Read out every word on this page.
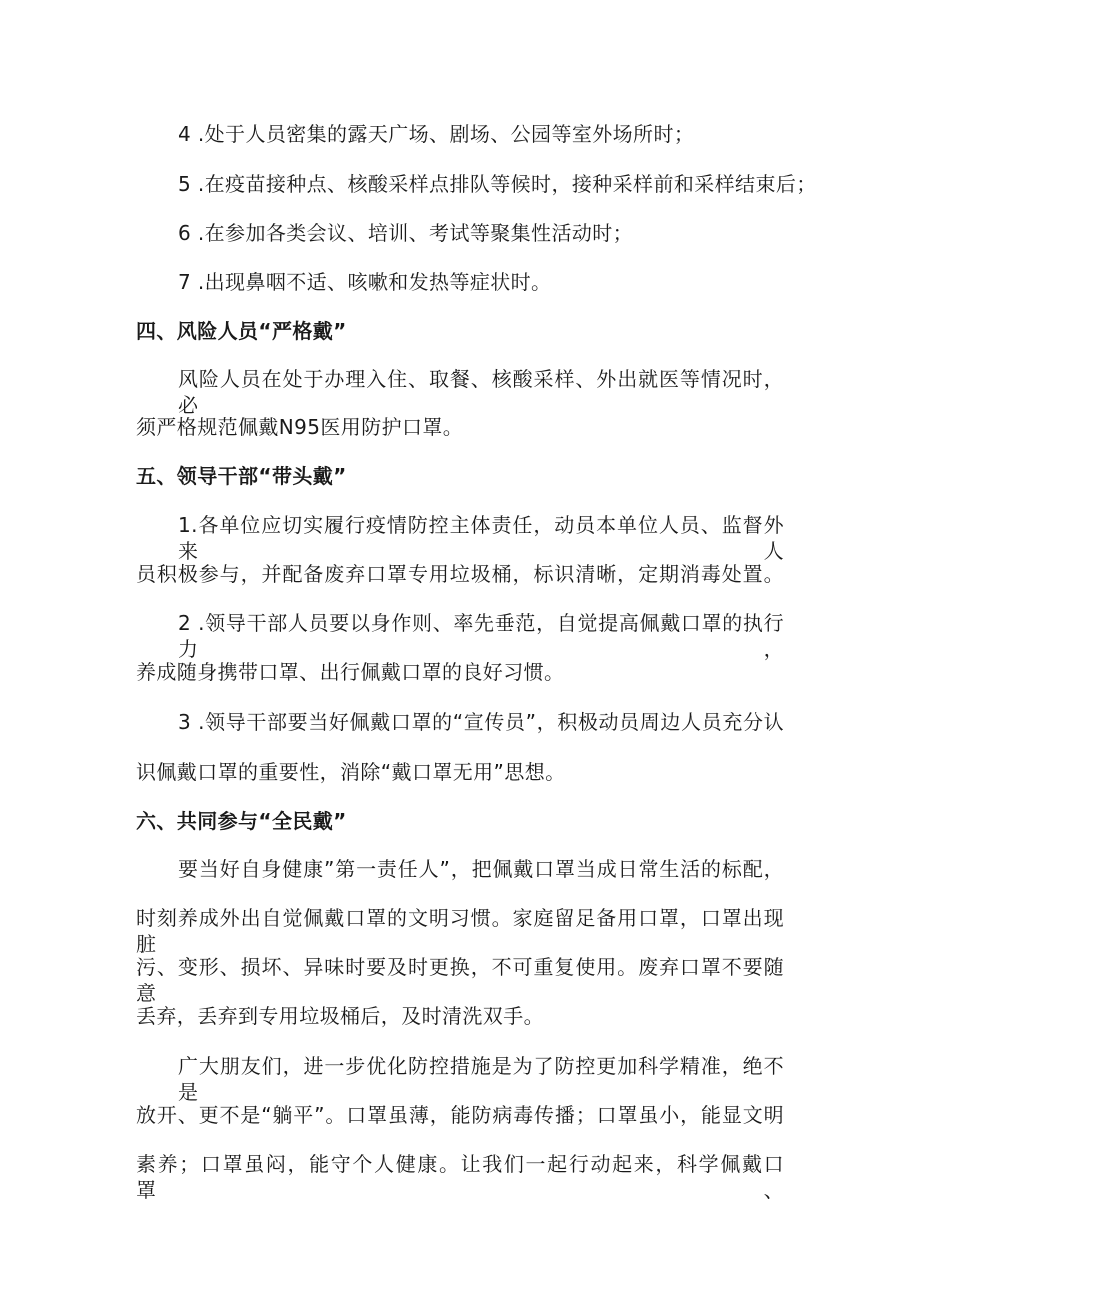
4 .处于人员密集的露天广场、剧场、公园等室外场所时；
5 .在疫苗接种点、核酸采样点排队等候时，接种采样前和采样结束后；
6 .在参加各类会议、培训、考试等聚集性活动时；
7 .出现鼻咽不适、咳嗽和发热等症状时。
四、风险人员“严格戴”
风险人员在处于办理入住、取餐、核酸采样、外出就医等情况时，必
须严格规范佩戴N95医用防护口罩。
五、领导干部“带头戴”
1.各单位应切实履行疫情防控主体责任，动员本单位人员、监督外来人
员积极参与，并配备废弃口罩专用垃圾桶，标识清晰，定期消毒处置。
2 .领导干部人员要以身作则、率先垂范，自觉提高佩戴口罩的执行力，
养成随身携带口罩、出行佩戴口罩的良好习惯。
3 .领导干部要当好佩戴口罩的“宣传员”，积极动员周边人员充分认
识佩戴口罩的重要性，消除“戴口罩无用”思想。
六、共同参与“全民戴”
要当好自身健康”第一责任人”，把佩戴口罩当成日常生活的标配，
时刻养成外出自觉佩戴口罩的文明习惯。家庭留足备用口罩，口罩出现脏
污、变形、损坏、异味时要及时更换，不可重复使用。废弃口罩不要随意
丢弃，丢弃到专用垃圾桶后，及时清洗双手。
广大朋友们，进一步优化防控措施是为了防控更加科学精准，绝不是
放开、更不是“躺平”。口罩虽薄，能防病毒传播；口罩虽小，能显文明
素养；口罩虽闷，能守个人健康。让我们一起行动起来，科学佩戴口罩、
